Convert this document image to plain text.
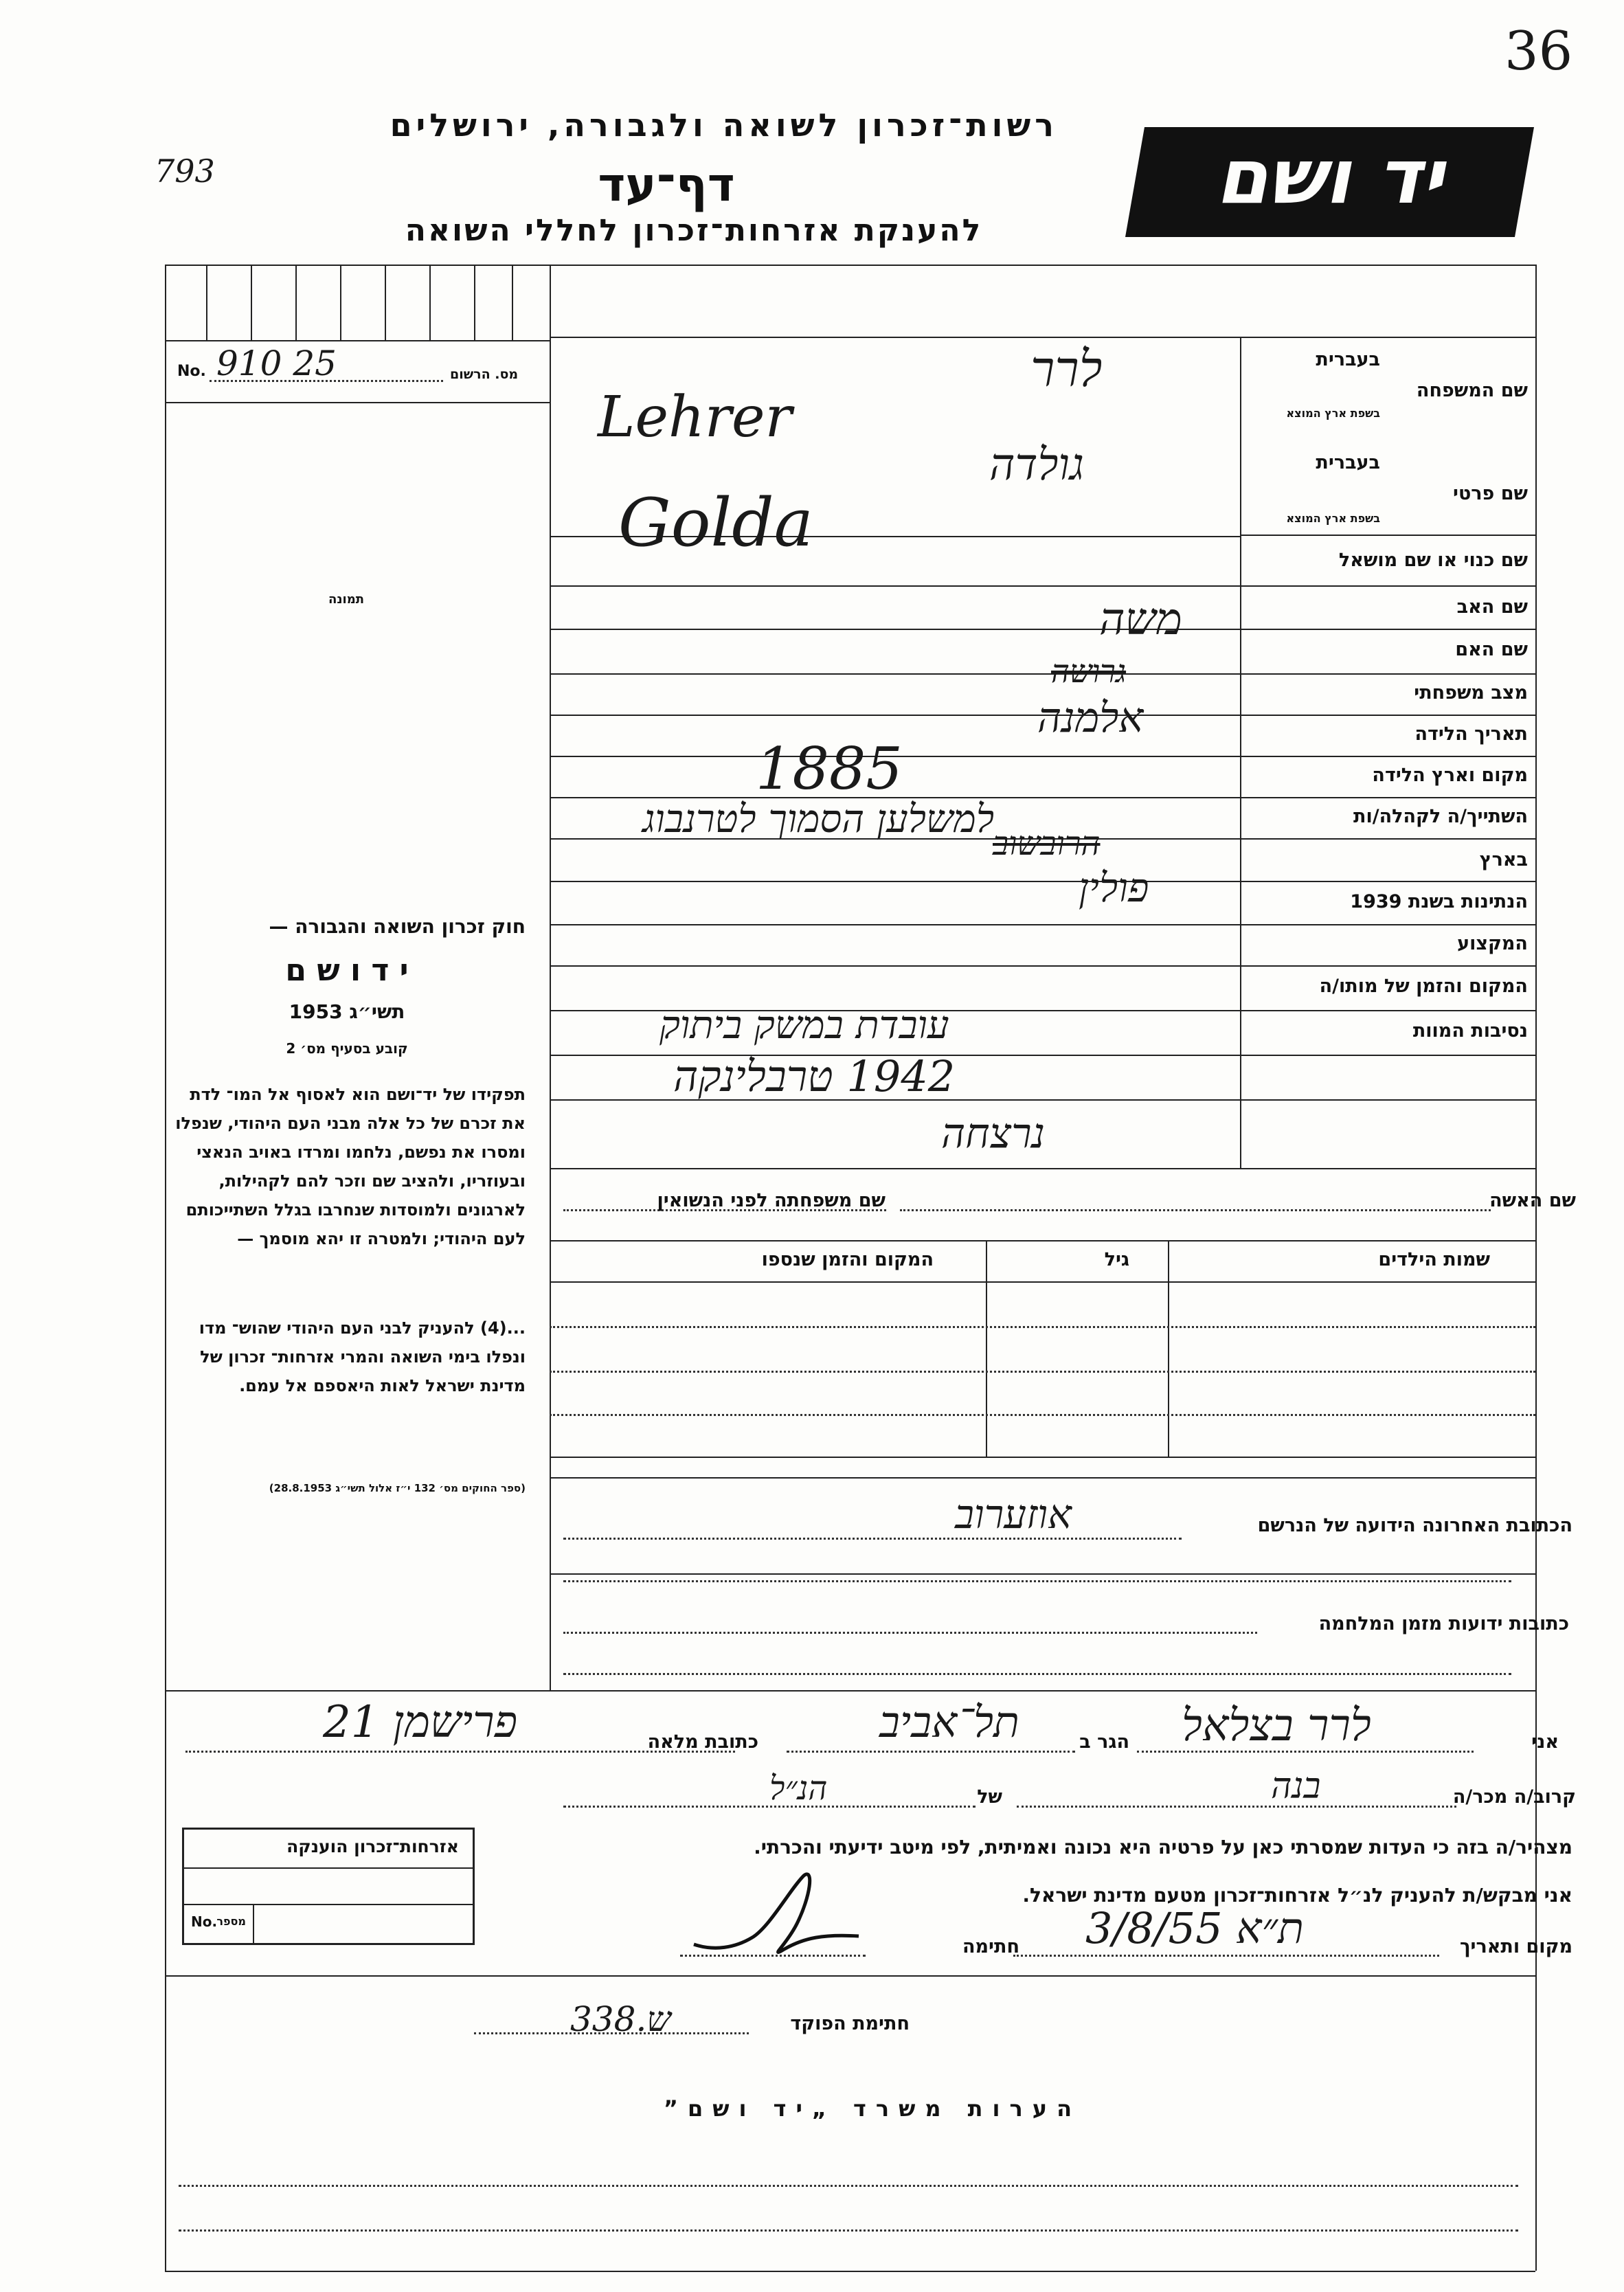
36
793
רשות־זכרון לשואה ולגבורה, ירושלים
דף־עד
להענקת אזרחות־זכרון לחללי השואה
יד ושם
No. 910 25	מס. הרשום
תמונה
בעברית
שם המשפחה
בשפת ארץ המוצא
בעברית
שם פרטי
בשפת ארץ המוצא
שם כנוי או שם מושאל
שם האב
שם האם
מצב משפחתי
תאריך הלידה
מקום וארץ הלידה
השתייך/ה לקהלה/ות
בארץ
הנתינות בשנת 1939
המקצוע
המקום והזמן של מותו/ה
נסיבות המוות
לרר
Lehrer
גולדה
Golda
משה
גרושה
אלמנה
1885
למשלען הסמוך לטרנבוג
הרובשוב
פולין
עובדת במשק ביתוק
1942 טרבלינקה
נרצחה
חוק זכרון השואה והגבורה —
י ד ו ש ם
תשי״ג 1953
קובע בסעיף מס׳ 2
תפקידו של יד־ושם הוא לאסוף אל המו־ לדת את זכרם של כל אלה מבני העם היהודי, שנפלו ומסרו את נפשם, נלחמו ומרדו באויב הנאצי ובעוזריו, ולהציב שם וזכר להם לקהילות, לארגונים ולמוסדות שנחרבו בגלל השתייכותם לעם היהודי; ולמטרה זו יהא מוסמך —
...(4) להעניק לבני העם היהודי שהוש־ מדו ונפלו בימי השואה והמרי אזרחות־ זכרון של מדינת ישראל לאות היאספם אל עמם.
(ספר החוקים מס׳ 132 י״ז אלול תשי״ג 28.8.1953)
שם האשה
שם משפחתה לפני הנשואין
שמות הילדים
גיל
המקום והזמן שנספו
הכתובת האחרונה הידועה של הנרשם
אוזערוב
כתובות ידועות מזמן המלחמה
אני
לרר בצלאל
הגר ב
תל־אביב
כתובת מלאה
פרישמן 21
קרוב/ה מכר/ה
בנה
של
הנ״ל
מצהיר/ה בזה כי העדות שמסרתי כאן על פרטיה היא נכונה ואמיתית, לפי מיטב ידיעתי והכרתי.
אני מבקש/ת להעניק לנ״ל אזרחות־זכרון מטעם מדינת ישראל.
מקום ותאריך
ת״א 3/8/55
חתימה
חתימת הפוקד
ש.338
אזרחות־זכרון הוענקה
No. מספר
הערות משרד „יד ושם”
